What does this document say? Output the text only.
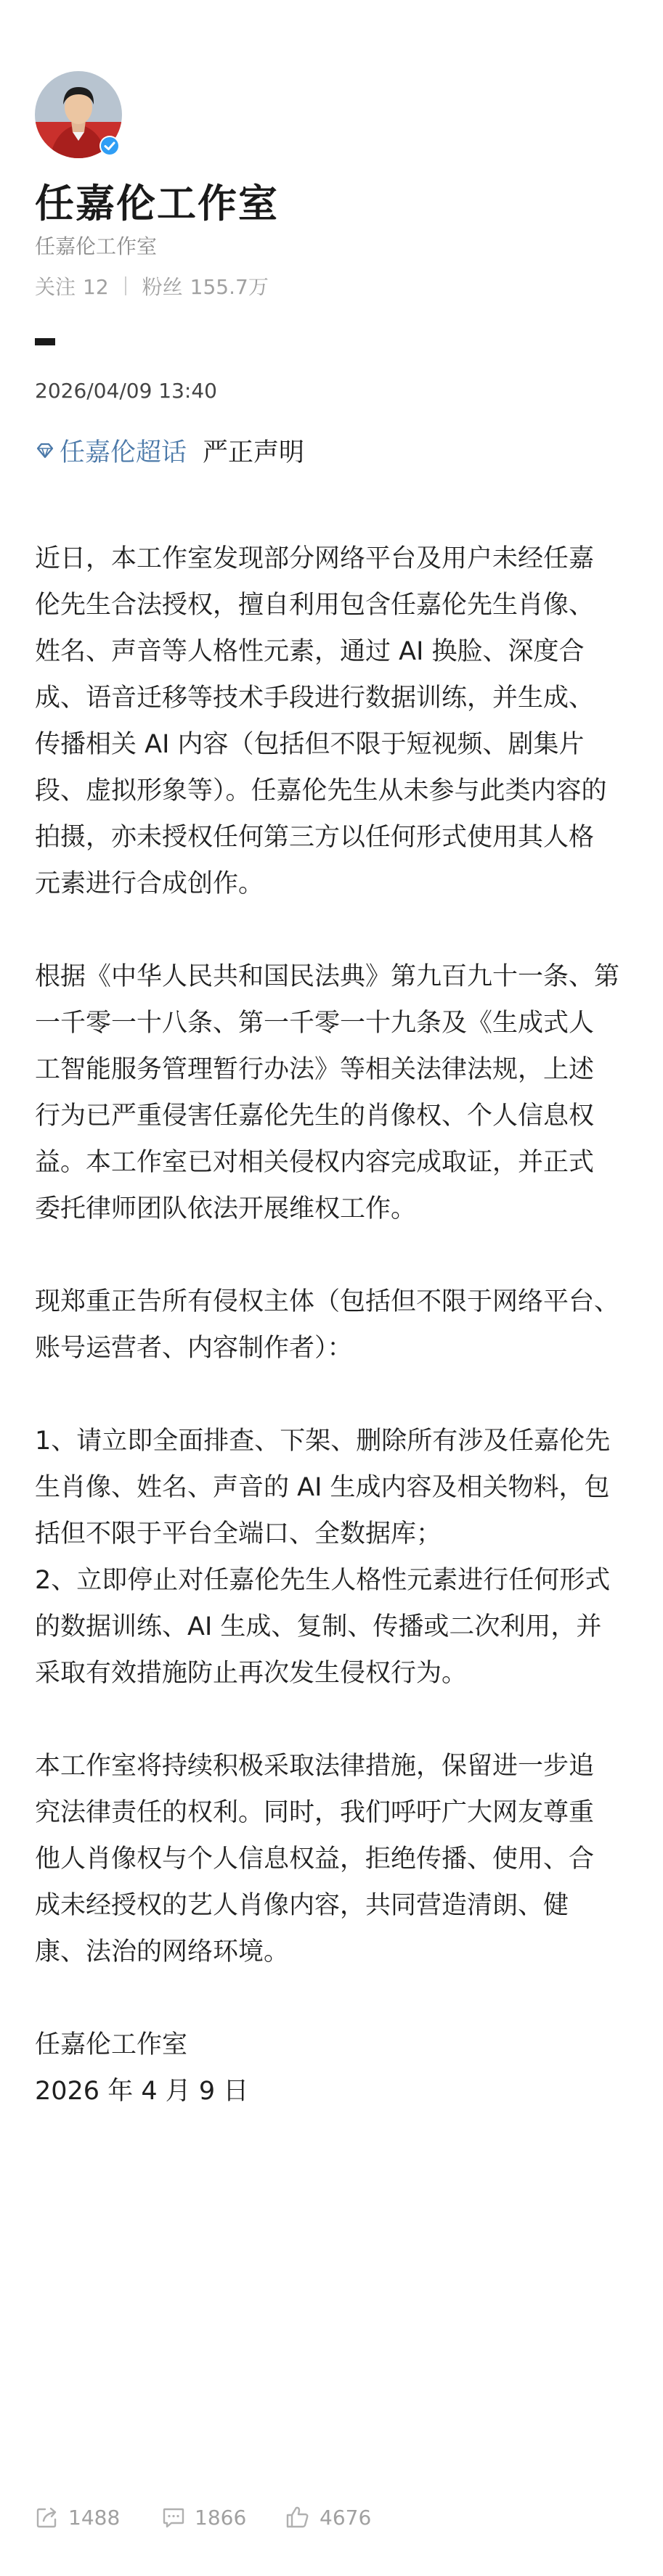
任嘉伦工作室
任嘉伦工作室
关注 12 粉丝 155.7万
2026/04/09 13:40
任嘉伦超话 严正声明

近日，本工作室发现部分网络平台及用户未经任嘉

伦先生合法授权，擅自利用包含任嘉伦先生肖像、

姓名、声音等人格性元素，通过 AI 换脸、深度合

成、语音迁移等技术手段进行数据训练，并生成、

传播相关 AI 内容（包括但不限于短视频、剧集片

段、虚拟形象等）。任嘉伦先生从未参与此类内容的

拍摄，亦未授权任何第三方以任何形式使用其人格

元素进行合成创作。

根据《中华人民共和国民法典》第九百九十一条、第

一千零一十八条、第一千零一十九条及《生成式人

工智能服务管理暂行办法》等相关法律法规，上述

行为已严重侵害任嘉伦先生的肖像权、个人信息权

益。本工作室已对相关侵权内容完成取证，并正式

委托律师团队依法开展维权工作。

现郑重正告所有侵权主体（包括但不限于网络平台、

账号运营者、内容制作者）：

1、请立即全面排查、下架、删除所有涉及任嘉伦先

生肖像、姓名、声音的 AI 生成内容及相关物料，包

括但不限于平台全端口、全数据库；

2、立即停止对任嘉伦先生人格性元素进行任何形式

的数据训练、AI 生成、复制、传播或二次利用，并

采取有效措施防止再次发生侵权行为。

本工作室将持续积极采取法律措施，保留进一步追

究法律责任的权利。同时，我们呼吁广大网友尊重

他人肖像权与个人信息权益，拒绝传播、使用、合

成未经授权的艺人肖像内容，共同营造清朗、健

康、法治的网络环境。

任嘉伦工作室

2026 年 4 月 9 日

1488	1866	4676
